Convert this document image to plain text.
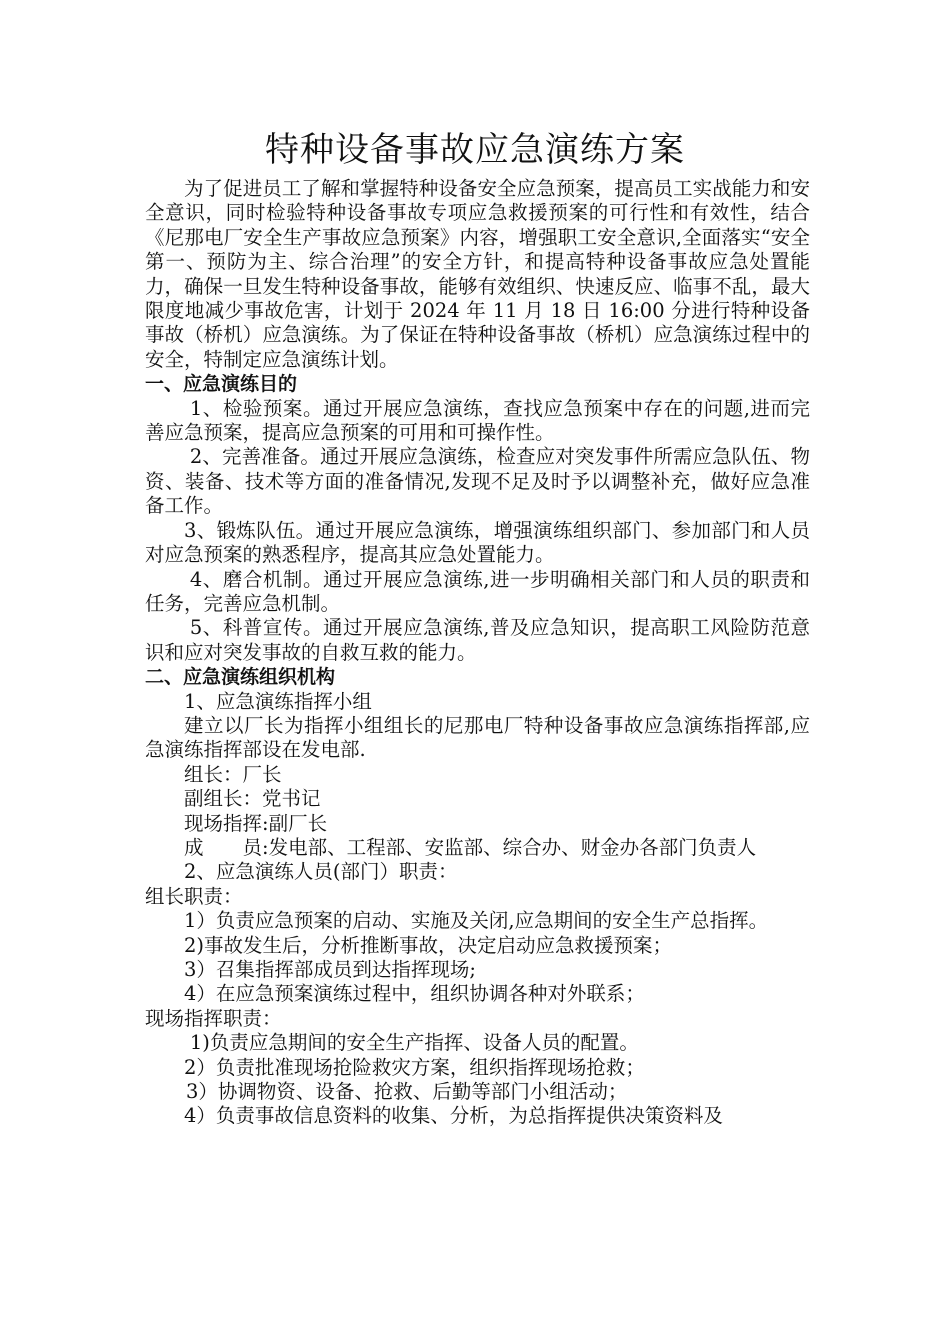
特种设备事故应急演练方案

为了促进员工了解和掌握特种设备安全应急预案，提高员工实战能力和安全意识，同时检验特种设备事故专项应急救援预案的可行性和有效性，结合《尼那电厂安全生产事故应急预案》内容，增强职工安全意识,全面落实“安全第一、预防为主、综合治理”的安全方针，和提高特种设备事故应急处置能力，确保一旦发生特种设备事故，能够有效组织、快速反应、临事不乱，最大限度地减少事故危害，计划于 2024 年 11 月 18 日 16:00 分进行特种设备事故（桥机）应急演练。为了保证在特种设备事故（桥机）应急演练过程中的安全，特制定应急演练计划。

一、应急演练目的

1、检验预案。通过开展应急演练，查找应急预案中存在的问题,进而完善应急预案，提高应急预案的可用和可操作性。

2、完善准备。通过开展应急演练，检查应对突发事件所需应急队伍、物资、装备、技术等方面的准备情况,发现不足及时予以调整补充，做好应急准备工作。

3、锻炼队伍。通过开展应急演练，增强演练组织部门、参加部门和人员对应急预案的熟悉程序，提高其应急处置能力。

4、磨合机制。通过开展应急演练,进一步明确相关部门和人员的职责和任务，完善应急机制。

5、科普宣传。通过开展应急演练,普及应急知识，提高职工风险防范意识和应对突发事故的自救互救的能力。

二、应急演练组织机构

1、应急演练指挥小组

建立以厂长为指挥小组组长的尼那电厂特种设备事故应急演练指挥部,应急演练指挥部设在发电部.

组长：厂长

副组长：党书记

现场指挥:副厂长

成　　员:发电部、工程部、安监部、综合办、财金办各部门负责人

2、应急演练人员(部门）职责：

组长职责：

1）负责应急预案的启动、实施及关闭,应急期间的安全生产总指挥。

2)事故发生后，分析推断事故，决定启动应急救援预案；

3）召集指挥部成员到达指挥现场;

4）在应急预案演练过程中，组织协调各种对外联系；

现场指挥职责：

1)负责应急期间的安全生产指挥、设备人员的配置。

2）负责批准现场抢险救灾方案，组织指挥现场抢救；

3）协调物资、设备、抢救、后勤等部门小组活动；

4）负责事故信息资料的收集、分析，为总指挥提供决策资料及
